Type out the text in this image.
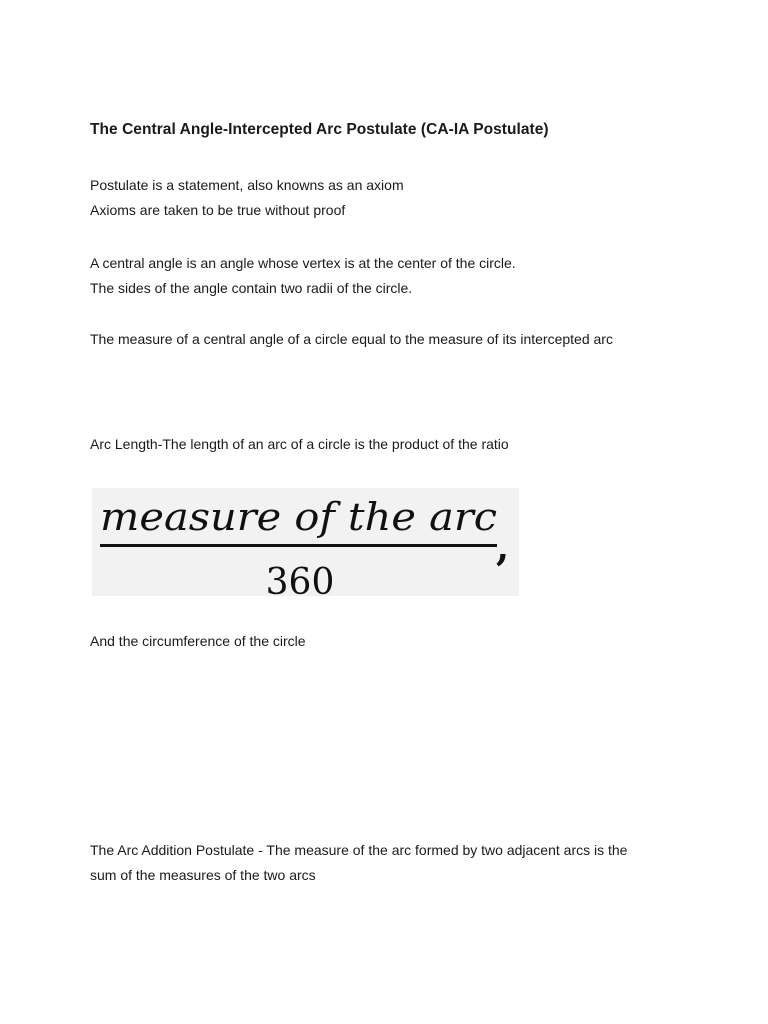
The Central Angle-Intercepted Arc Postulate (CA-IA Postulate)
Postulate is a statement, also knowns as an axiom
Axioms are taken to be true without proof
A central angle is an angle whose vertex is at the center of the circle.
The sides of the angle contain two radii of the circle.
The measure of a central angle of a circle equal to the measure of its intercepted arc
Arc Length-The length of an arc of a circle is the product of the ratio
measure of the arc
360
,
And the circumference of the circle
The Arc Addition Postulate - The measure of the arc formed by two adjacent arcs is the
sum of the measures of the two arcs
